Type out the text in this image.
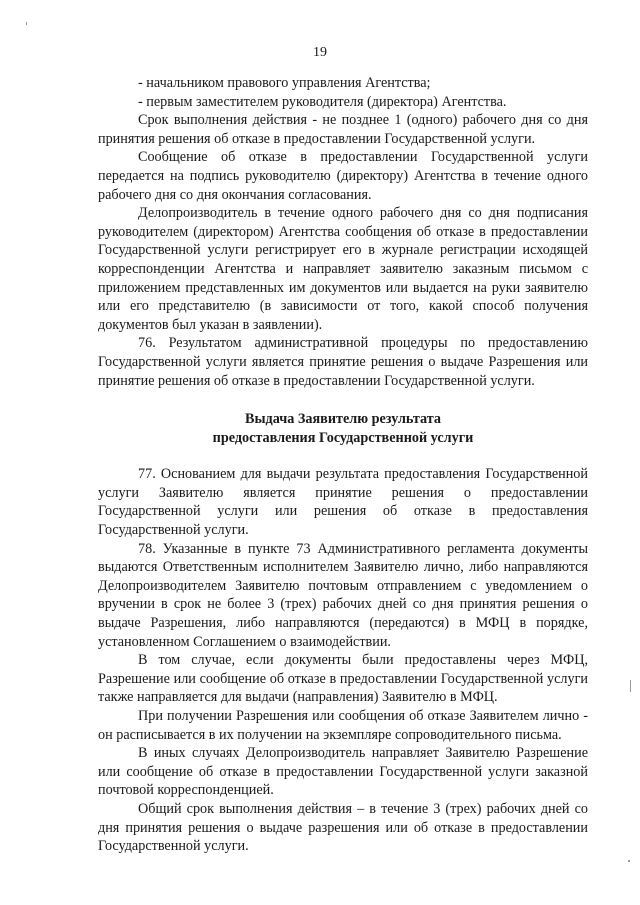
19

- начальником правового управления Агентства;

- первым заместителем руководителя (директора) Агентства.

Срок выполнения действия - не позднее 1 (одного) рабочего дня со дня принятия решения об отказе в предоставлении Государственной услуги.

Сообщение об отказе в предоставлении Государственной услуги передается на подпись руководителю (директору) Агентства в течение одного рабочего дня со дня окончания согласования.

Делопроизводитель в течение одного рабочего дня со дня подписания руководителем (директором) Агентства сообщения об отказе в предоставлении Государственной услуги регистрирует его в журнале регистрации исходящей корреспонденции Агентства и направляет заявителю заказным письмом с приложением представленных им документов или выдается на руки заявителю или его представителю (в зависимости от того, какой способ получения документов был указан в заявлении).

76. Результатом административной процедуры по предоставлению Государственной услуги является принятие решения о выдаче Разрешения или принятие решения об отказе в предоставлении Государственной услуги.

Выдача Заявителю результата

предоставления Государственной услуги

77. Основанием для выдачи результата предоставления Государственной услуги Заявителю является принятие решения о предоставлении Государственной услуги или решения об отказе в предоставления Государственной услуги.

78. Указанные в пункте 73 Административного регламента документы выдаются Ответственным исполнителем Заявителю лично, либо направляются Делопроизводителем Заявителю почтовым отправлением с уведомлением о вручении в срок не более 3 (трех) рабочих дней со дня принятия решения о выдаче Разрешения, либо направляются (передаются) в МФЦ в порядке, установленном Соглашением о взаимодействии.

В том случае, если документы были предоставлены через МФЦ, Разрешение или сообщение об отказе в предоставлении Государственной услуги также направляется для выдачи (направления) Заявителю в МФЦ.

При получении Разрешения или сообщения об отказе Заявителем лично - он расписывается в их получении на экземпляре сопроводительного письма.

В иных случаях Делопроизводитель направляет Заявителю Разрешение или сообщение об отказе в предоставлении Государственной услуги заказной почтовой корреспонденцией.

Общий срок выполнения действия – в течение 3 (трех) рабочих дней со дня принятия решения о выдаче разрешения или об отказе в предоставлении Государственной услуги.
